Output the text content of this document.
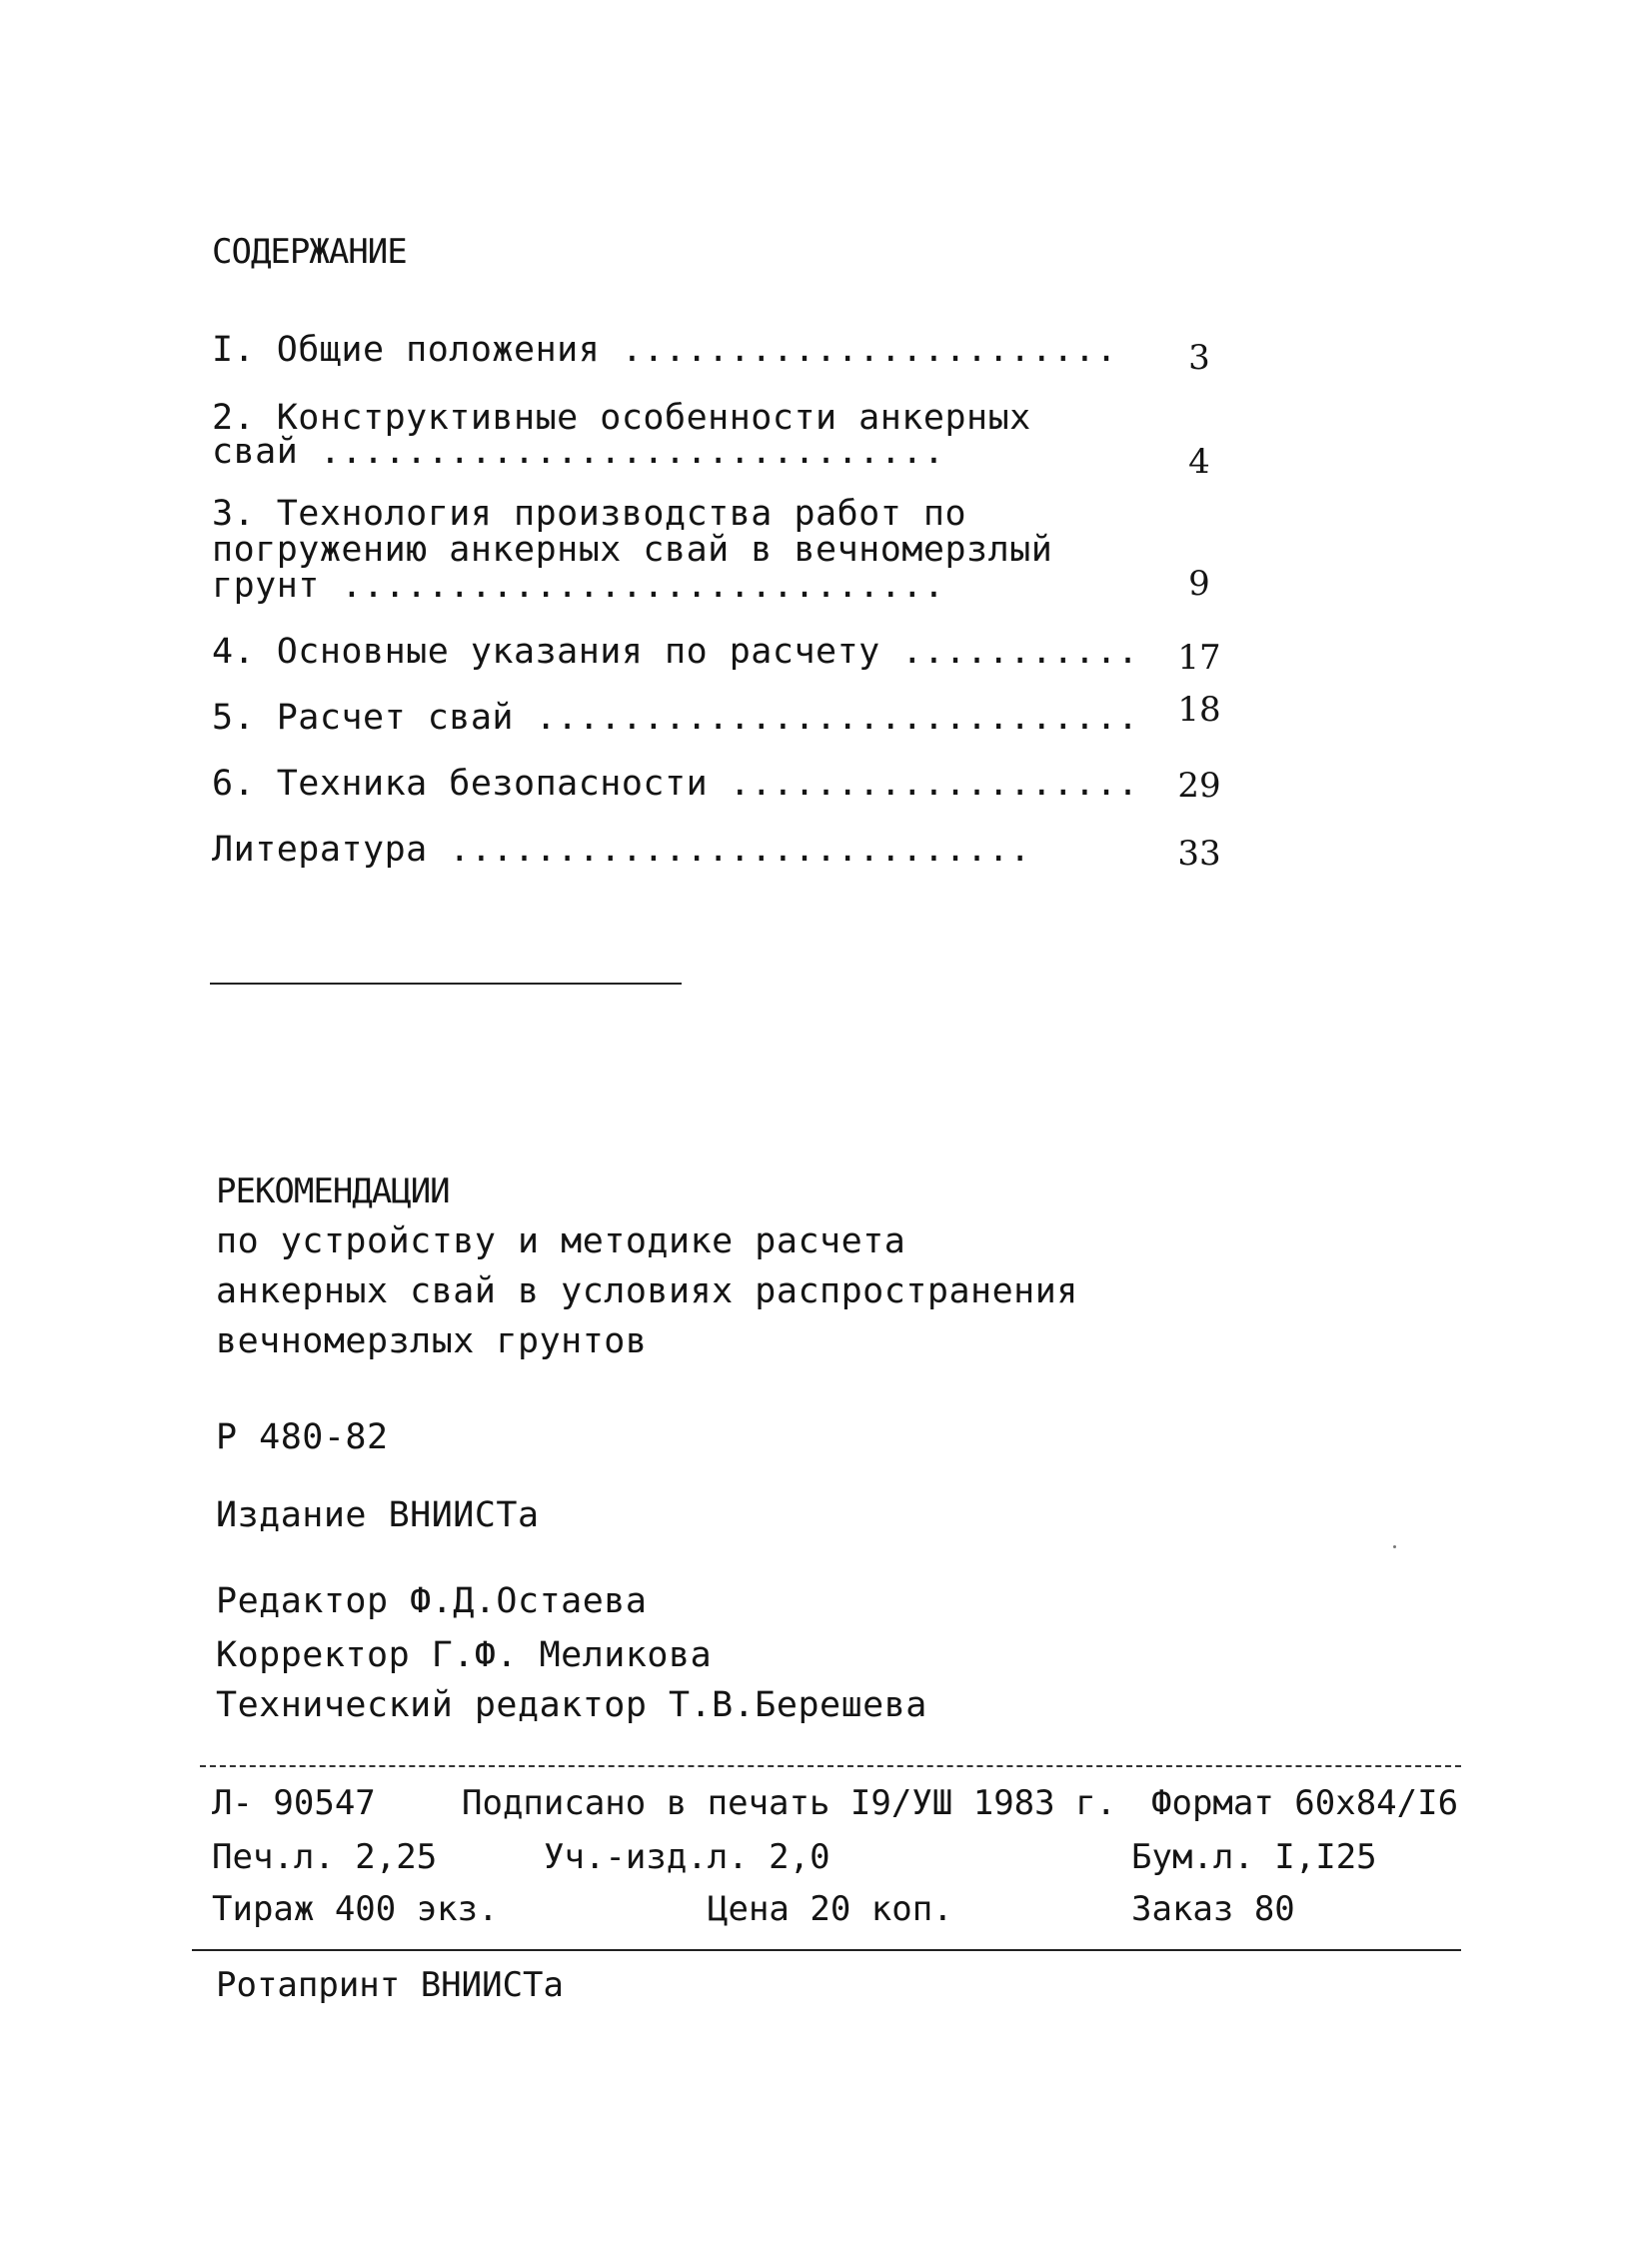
СОДЕРЖАНИЕ
I. Общие положения .......................	3
2. Конструктивные особенности анкерных
свай .............................	4
3. Технология производства работ по
погружению анкерных свай в вечномерзлый
грунт ............................	9
4. Основные указания по расчету ........... 17
5. Расчет свай ............................ 18
6. Техника безопасности ................... 29
Литература ...........................	33
РЕКОМЕНДАЦИИ
по устройству и методике расчета
анкерных свай в условиях распространения
вечномерзлых грунтов
Р 480-82
Издание ВНИИСТа
Редактор Ф.Д.Остаева
Корректор Г.Ф. Меликова
Технический редактор Т.В.Берешева
Л- 90547	Подписано в печать I9/УШ 1983 г. Формат 60х84/I6
Печ.л. 2,25	Уч.-изд.л. 2,0	Бум.л. I,I25
Тираж 400 экз.	Цена 20 коп.	Заказ 80
Ротапринт ВНИИСТа
